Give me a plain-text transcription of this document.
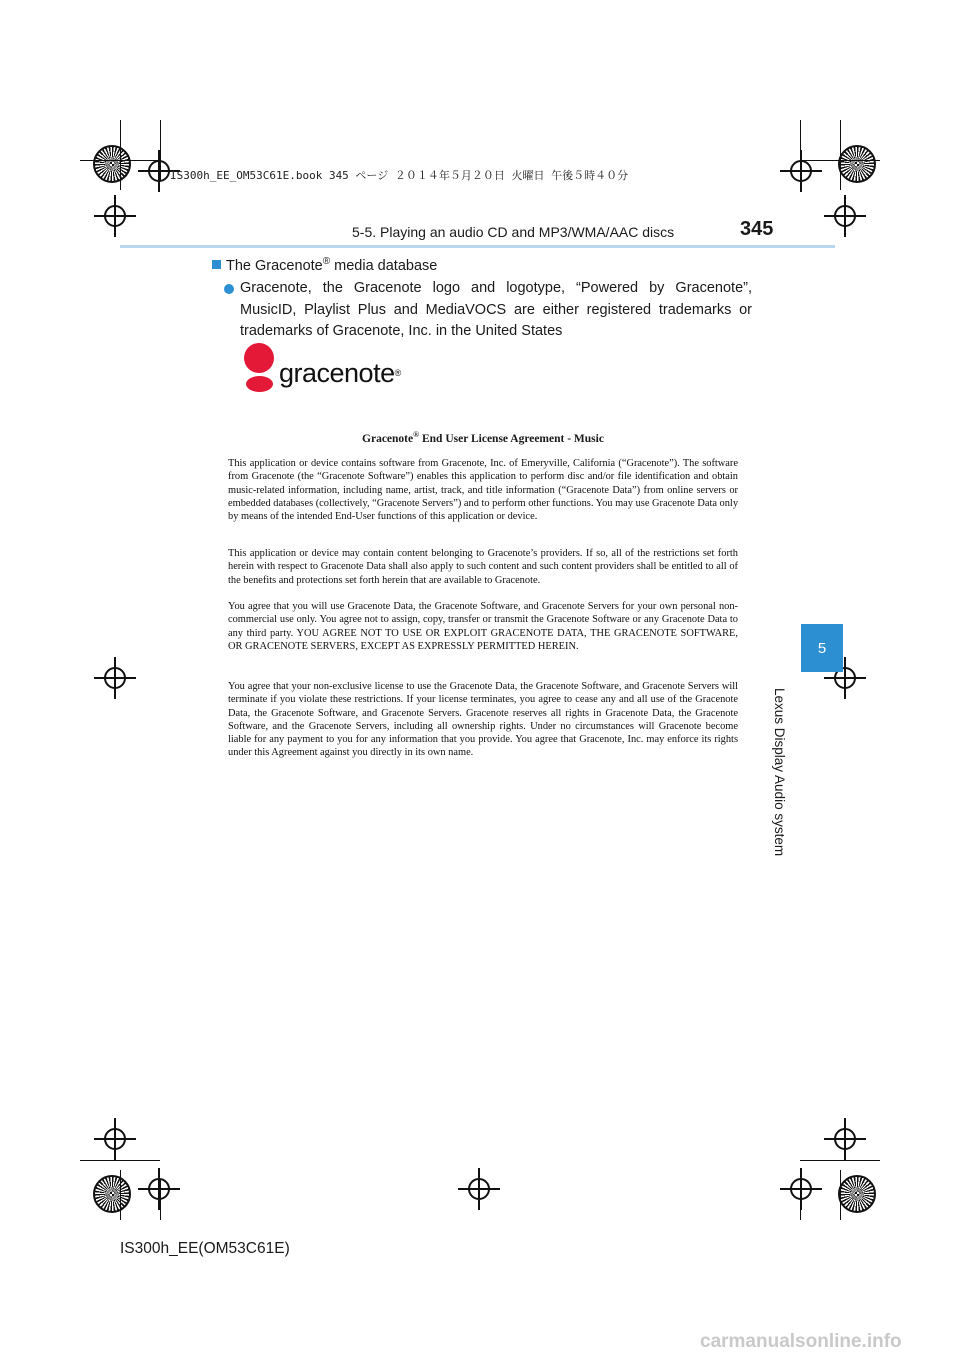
IS300h_EE_OM53C61E.book 345 ページ ２０１４年５月２０日 火曜日 午後５時４０分
5-5. Playing an audio CD and MP3/WMA/AAC discs	345
The Gracenote® media database
Gracenote, the Gracenote logo and logotype, “Powered by Gracenote”, MusicID, Playlist Plus and MediaVOCS are either registered trademarks or trademarks of Gracenote, Inc. in the United States
gracenote®
Gracenote® End User License Agreement - Music

This application or device contains software from Gracenote, Inc. of Emeryville, California (“Gracenote”). The software from Gracenote (the “Gracenote Software”) enables this application to perform disc and/or file identification and obtain music-related information, including name, artist, track, and title information (“Gracenote Data”) from online servers or embedded databases (collectively, “Gracenote Servers”) and to perform other functions. You may use Gracenote Data only by means of the intended End-User functions of this application or device.

This application or device may contain content belonging to Gracenote’s providers. If so, all of the restrictions set forth herein with respect to Gracenote Data shall also apply to such content and such content providers shall be entitled to all of the benefits and protections set forth herein that are available to Gracenote.

You agree that you will use Gracenote Data, the Gracenote Software, and Gracenote Servers for your own personal non-commercial use only. You agree not to assign, copy, transfer or transmit the Gracenote Software or any Gracenote Data to any third party. YOU AGREE NOT TO USE OR EXPLOIT GRACENOTE DATA, THE GRACENOTE SOFTWARE, OR GRACENOTE SERVERS, EXCEPT AS EXPRESSLY PERMITTED HEREIN.

You agree that your non-exclusive license to use the Gracenote Data, the Gracenote Software, and Gracenote Servers will terminate if you violate these restrictions. If your license terminates, you agree to cease any and all use of the Gracenote Data, the Gracenote Software, and Gracenote Servers. Gracenote reserves all rights in Gracenote Data, the Gracenote Software, and the Gracenote Servers, including all ownership rights. Under no circumstances will Gracenote become liable for any payment to you for any information that you provide. You agree that Gracenote, Inc. may enforce its rights under this Agreement against you directly in its own name.

5
Lexus Display Audio system
IS300h_EE(OM53C61E)
carmanualsonline.info
